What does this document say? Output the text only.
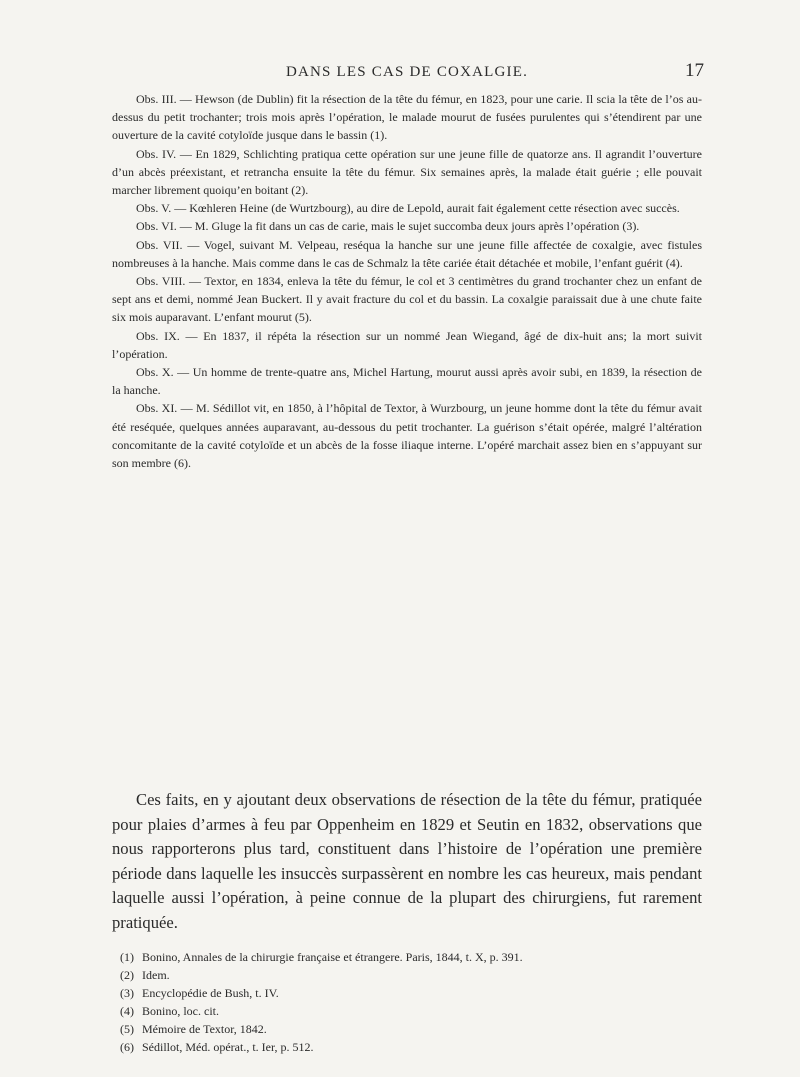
DANS LES CAS DE COXALGIE.	17

Obs. III. — Hewson (de Dublin) fit la résection de la tête du fémur, en 1823, pour une carie. Il scia la tête de l’os au-dessus du petit trochanter; trois mois après l’opération, le malade mourut de fusées purulentes qui s’étendirent par une ouverture de la cavité cotyloïde jusque dans le bassin (1).

Obs. IV. — En 1829, Schlichting pratiqua cette opération sur une jeune fille de quatorze ans. Il agrandit l’ouverture d’un abcès préexistant, et retrancha ensuite la tête du fémur. Six semaines après, la malade était guérie ; elle pouvait marcher librement quoiqu’en boitant (2).

Obs. V. — Kœhleren Heine (de Wurtzbourg), au dire de Lepold, aurait fait également cette résection avec succès.

Obs. VI. — M. Gluge la fit dans un cas de carie, mais le sujet succomba deux jours après l’opération (3).

Obs. VII. — Vogel, suivant M. Velpeau, reséqua la hanche sur une jeune fille affectée de coxalgie, avec fistules nombreuses à la hanche. Mais comme dans le cas de Schmalz la tête cariée était détachée et mobile, l’enfant guérit (4).

Obs. VIII. — Textor, en 1834, enleva la tête du fémur, le col et 3 centimètres du grand trochanter chez un enfant de sept ans et demi, nommé Jean Buckert. Il y avait fracture du col et du bassin. La coxalgie paraissait due à une chute faite six mois auparavant. L’enfant mourut (5).

Obs. IX. — En 1837, il répéta la résection sur un nommé Jean Wiegand, âgé de dix-huit ans; la mort suivit l’opération.

Obs. X. — Un homme de trente-quatre ans, Michel Hartung, mourut aussi après avoir subi, en 1839, la résection de la hanche.

Obs. XI. — M. Sédillot vit, en 1850, à l’hôpital de Textor, à Wurzbourg, un jeune homme dont la tête du fémur avait été reséquée, quelques années auparavant, au-dessous du petit trochanter. La guérison s’était opérée, malgré l’altération concomitante de la cavité cotyloïde et un abcès de la fosse iliaque interne. L’opéré marchait assez bien en s’appuyant sur son membre (6).

Ces faits, en y ajoutant deux observations de résection de la tête du fémur, pratiquée pour plaies d’armes à feu par Oppenheim en 1829 et Seutin en 1832, observations que nous rapporterons plus tard, constituent dans l’histoire de l’opération une première période dans laquelle les insuccès surpassèrent en nombre les cas heureux, mais pendant laquelle aussi l’opération, à peine connue de la plupart des chirurgiens, fut rarement pratiquée.

(1) Bonino, Annales de la chirurgie française et étrangere. Paris, 1844, t. X, p. 391.
(2) Idem.
(3) Encyclopédie de Bush, t. IV.
(4) Bonino, loc. cit.
(5) Mémoire de Textor, 1842.
(6) Sédillot, Méd. opérat., t. Ier, p. 512.
